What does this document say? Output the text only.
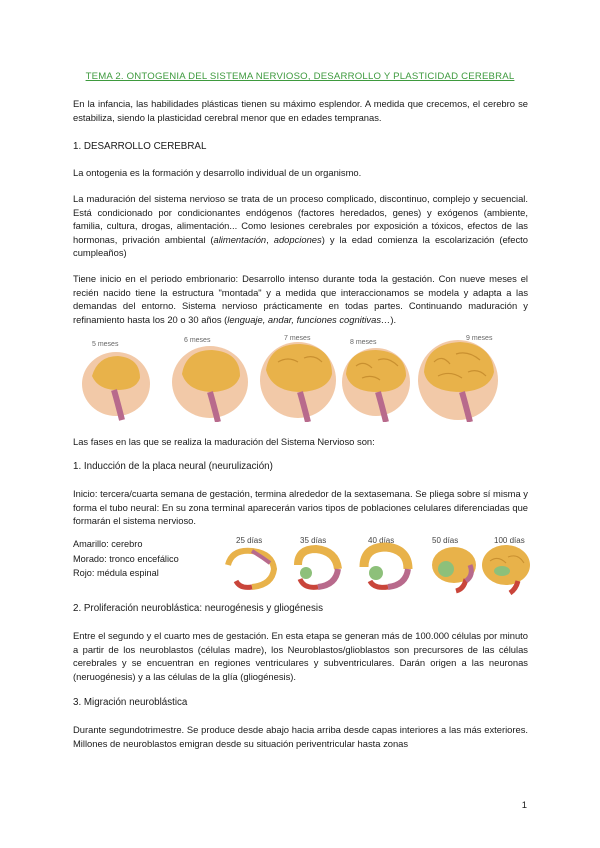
TEMA 2. ONTOGENIA DEL SISTEMA NERVIOSO, DESARROLLO Y PLASTICIDAD CEREBRAL
En la infancia, las habilidades plásticas tienen su máximo esplendor. A medida que crecemos, el cerebro se estabiliza, siendo la plasticidad cerebral menor que en edades tempranas.
1. DESARROLLO CEREBRAL
La ontogenia es la formación y desarrollo individual de un organismo.
La maduración del sistema nervioso se trata de un proceso complicado, discontinuo, complejo y secuencial. Está condicionado por condicionantes endógenos (factores heredados, genes) y exógenos (ambiente, familia, cultura, drogas, alimentación... Como lesiones cerebrales por exposición a tóxicos, efectos de las hormonas, privación ambiental (alimentación, adopciones) y la edad comienza la escolarización (efecto cumpleaños)
Tiene inicio en el periodo embrionario: Desarrollo intenso durante toda la gestación. Con nueve meses el recién nacido tiene la estructura "montada" y a medida que interaccionamos se modela y adapta a las demandas del entorno. Sistema nervioso prácticamente en todas partes. Continuando maduración y refinamiento hasta los 20 o 30 años (lenguaje, andar, funciones cognitivas…).
5 meses
6 meses	7 meses
8 meses
9 meses
Las fases en las que se realiza la maduración del Sistema Nervioso son:
1. Inducción de la placa neural (neurulización)
Inicio: tercera/cuarta semana de gestación, termina alrededor de la sextasemana. Se pliega sobre sí misma y forma el tubo neural: En su zona terminal aparecerán varios tipos de poblaciones celulares diferenciadas que formarán el sistema nervioso.
Amarillo: cerebro
Morado: tronco encefálico
Rojo: médula espinal
25 días	35 días	40 días	50 días	100 días
2. Proliferación neuroblástica: neurogénesis y gliogénesis
Entre el segundo y el cuarto mes de gestación. En esta etapa se generan más de 100.000 células por minuto a partir de los neuroblastos (células madre), los Neuroblastos/glioblastos son precursores de las células cerebrales y se encuentran en regiones ventriculares y subventriculares. Darán origen a las neuronas (neruogénesis) y a las células de la glía (gliogénesis).
3. Migración neuroblástica
Durante segundotrimestre. Se produce desde abajo hacia arriba desde capas interiores a las más exteriores. Millones de neuroblastos emigran desde su situación periventricular hasta zonas
1
